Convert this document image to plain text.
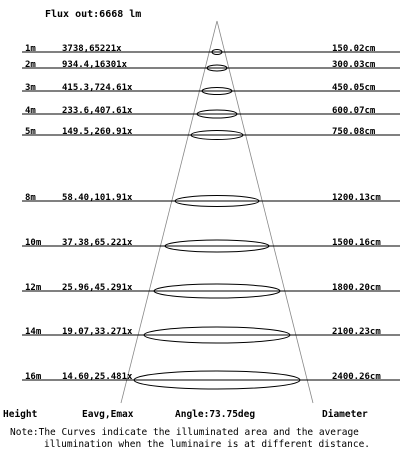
Flux out:6668 lm
1m	3738,65221x	150.02cm
2m	934.4,16301x	300.03cm
3m	415.3,724.61x	450.05cm
4m	233.6,407.61x	600.07cm
5m	149.5,260.91x	750.08cm
8m	58.40,101.91x	1200.13cm
10m 37.38,65.221x	1500.16cm
12m 25.96,45.291x	1800.20cm
14m 19.07,33.271x	2100.23cm
16m 14.60,25.481x	2400.26cm
Height	Eavg,Emax	Angle:73.75deg	Diameter
Note:The Curves indicate the illuminated area and the average
illumination when the luminaire is at different distance.
